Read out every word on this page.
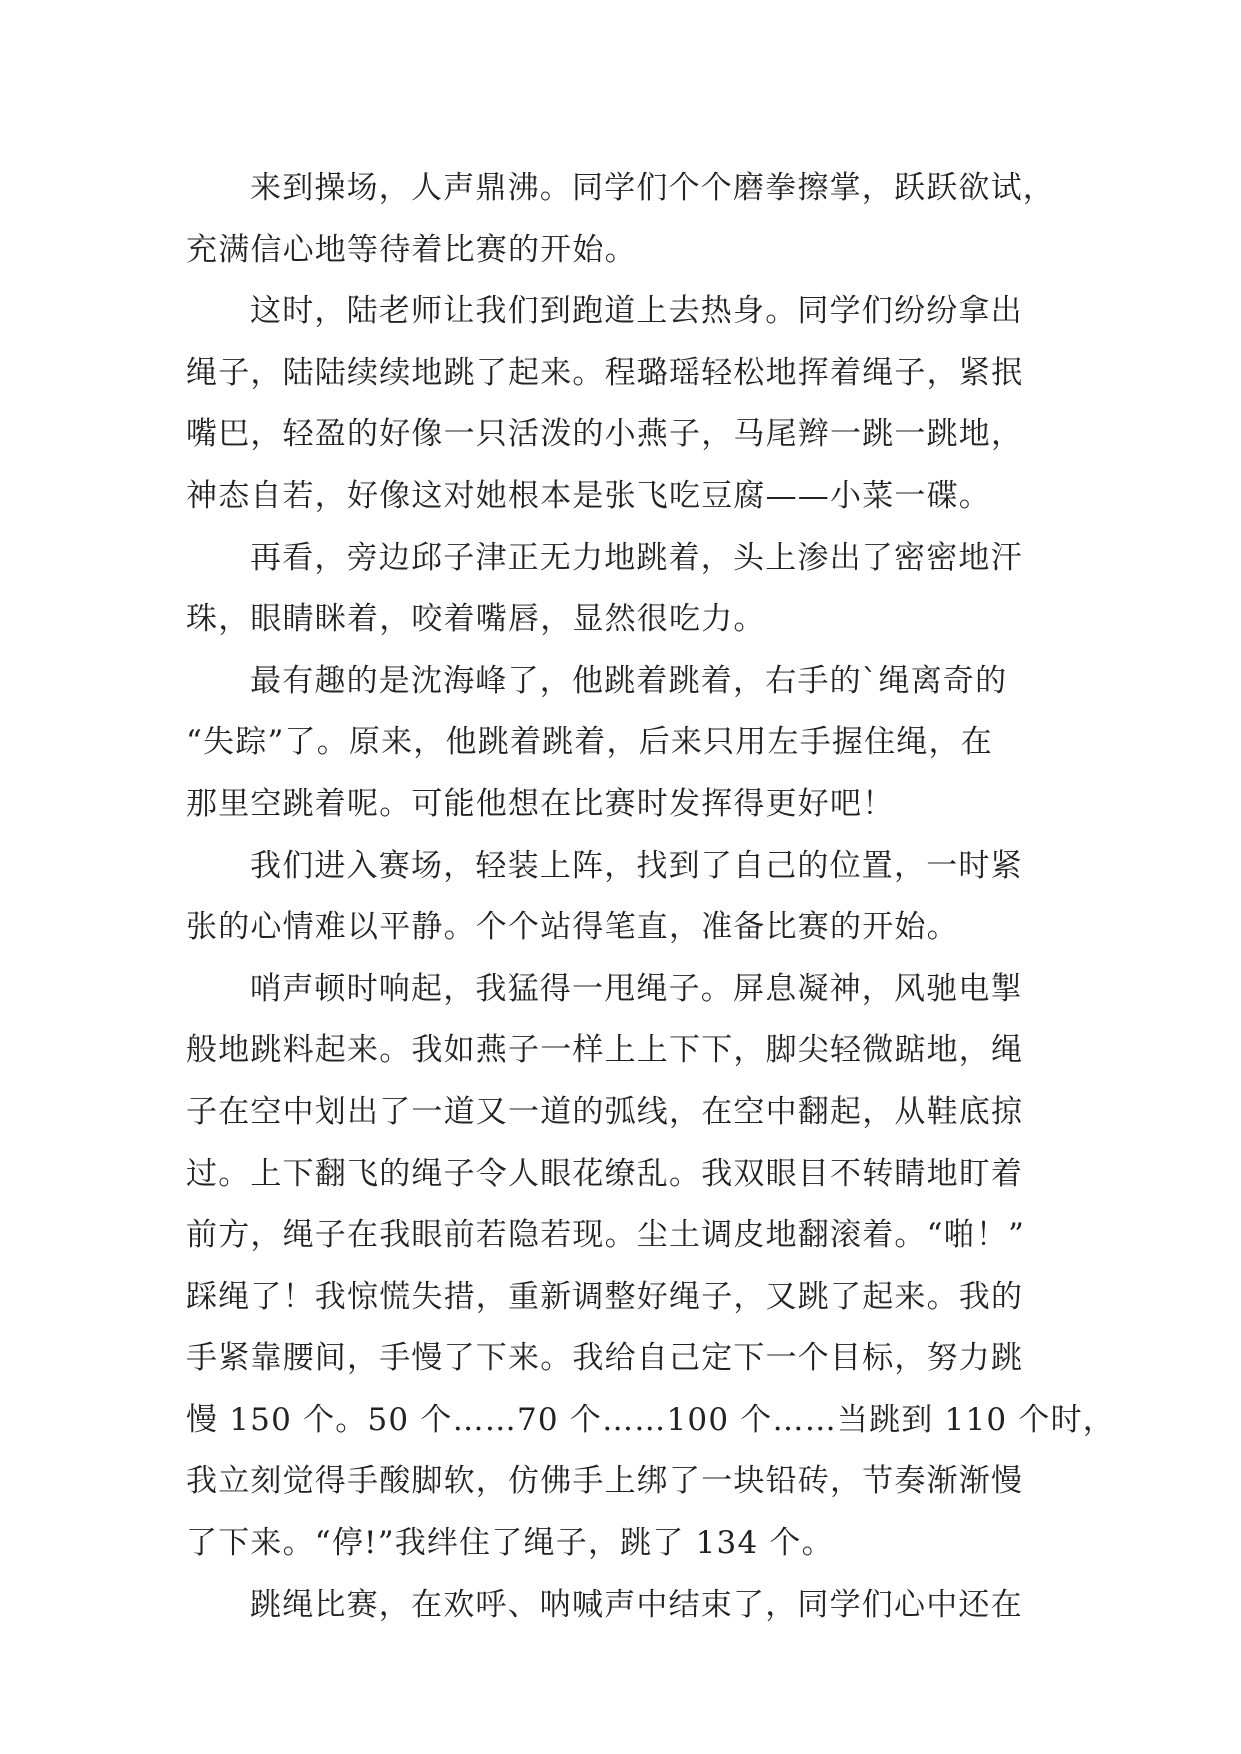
来到操场，人声鼎沸。同学们个个磨拳擦掌，跃跃欲试，
充满信心地等待着比赛的开始。
这时，陆老师让我们到跑道上去热身。同学们纷纷拿出
绳子，陆陆续续地跳了起来。程璐瑶轻松地挥着绳子，紧抿
嘴巴，轻盈的好像一只活泼的小燕子，马尾辫一跳一跳地，
神态自若，好像这对她根本是张飞吃豆腐——小菜一碟。
再看，旁边邱子津正无力地跳着，头上渗出了密密地汗
珠，眼睛眯着，咬着嘴唇，显然很吃力。
最有趣的是沈海峰了，他跳着跳着，右手的`绳离奇的
“失踪”了。原来，他跳着跳着，后来只用左手握住绳，在
那里空跳着呢。可能他想在比赛时发挥得更好吧！
我们进入赛场，轻装上阵，找到了自己的位置，一时紧
张的心情难以平静。个个站得笔直，准备比赛的开始。
哨声顿时响起，我猛得一甩绳子。屏息凝神，风驰电掣
般地跳料起来。我如燕子一样上上下下，脚尖轻微踮地，绳
子在空中划出了一道又一道的弧线，在空中翻起，从鞋底掠
过。上下翻飞的绳子令人眼花缭乱。我双眼目不转睛地盯着
前方，绳子在我眼前若隐若现。尘土调皮地翻滚着。“啪！”
踩绳了！我惊慌失措，重新调整好绳子，又跳了起来。我的
手紧靠腰间，手慢了下来。我给自己定下一个目标，努力跳
慢 150 个。50 个……70 个……100 个……当跳到 110 个时，
我立刻觉得手酸脚软，仿佛手上绑了一块铅砖，节奏渐渐慢
了下来。“停!”我绊住了绳子，跳了 134 个。
跳绳比赛，在欢呼、呐喊声中结束了，同学们心中还在
